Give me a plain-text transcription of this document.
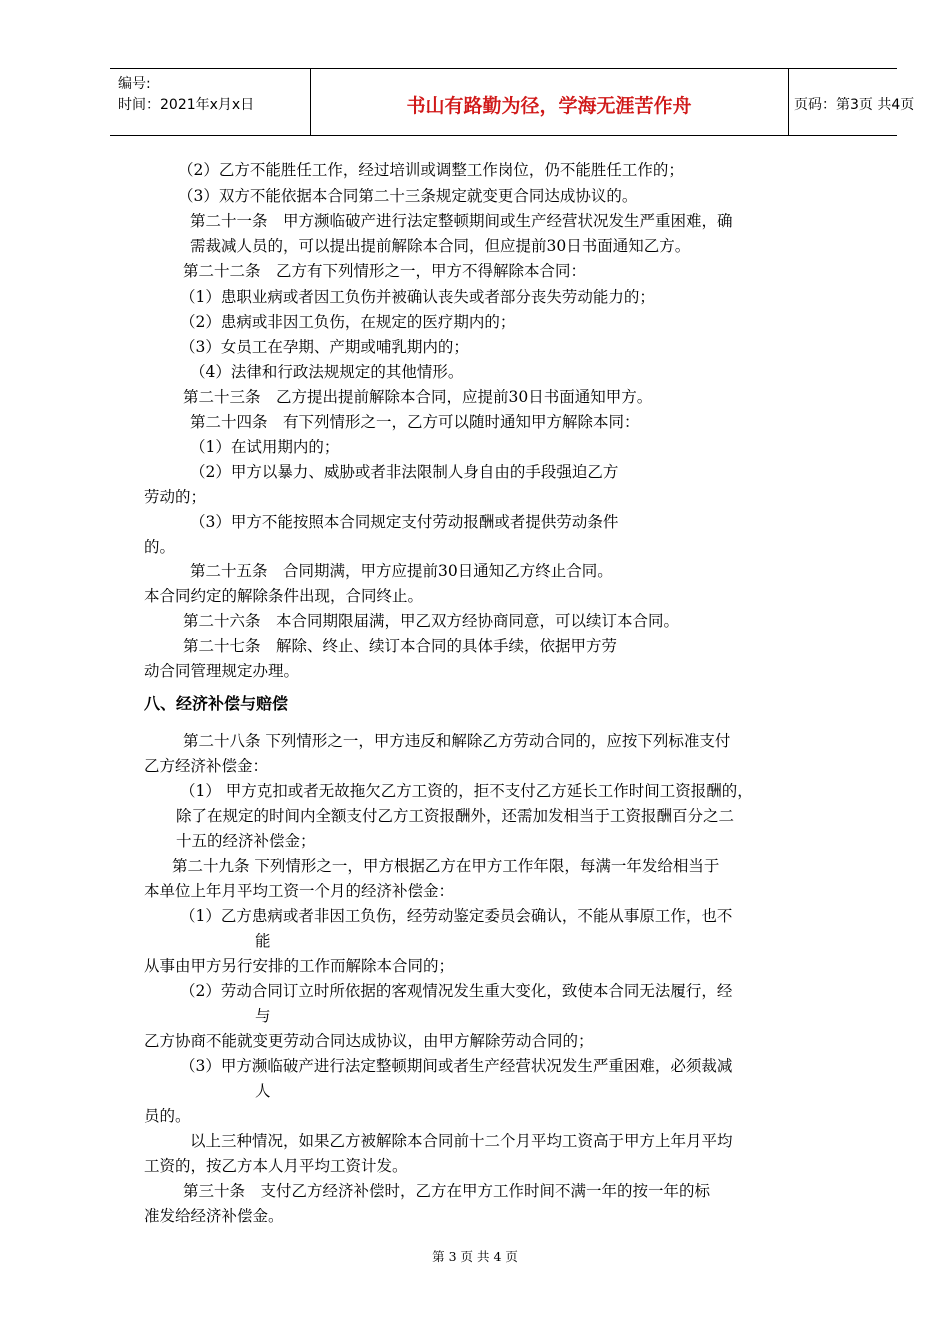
编号:
时间：2021年x月x日	书山有路勤为径，学海无涯苦作舟	页码：第3页 共4页
（2）乙方不能胜任工作，经过培训或调整工作岗位，仍不能胜任工作的；
（3）双方不能依据本合同第二十三条规定就变更合同达成协议的。
第二十一条　甲方濒临破产进行法定整顿期间或生产经营状况发生严重困难，确
需裁减人员的，可以提出提前解除本合同，但应提前30日书面通知乙方。
第二十二条　乙方有下列情形之一，甲方不得解除本合同：
（1）患职业病或者因工负伤并被确认丧失或者部分丧失劳动能力的；
（2）患病或非因工负伤，在规定的医疗期内的；
（3）女员工在孕期、产期或哺乳期内的；
（4）法律和行政法规规定的其他情形。
第二十三条　乙方提出提前解除本合同，应提前30日书面通知甲方。
第二十四条　有下列情形之一，乙方可以随时通知甲方解除本同：
（1）在试用期内的；
（2）甲方以暴力、威胁或者非法限制人身自由的手段强迫乙方
劳动的；
（3）甲方不能按照本合同规定支付劳动报酬或者提供劳动条件
的。
第二十五条　合同期满，甲方应提前30日通知乙方终止合同。
本合同约定的解除条件出现，合同终止。
第二十六条　本合同期限届满，甲乙双方经协商同意，可以续订本合同。
第二十七条　解除、终止、续订本合同的具体手续，依据甲方劳
动合同管理规定办理。
八、经济补偿与赔偿
第二十八条 下列情形之一，甲方违反和解除乙方劳动合同的，应按下列标准支付
乙方经济补偿金：
（1） 甲方克扣或者无故拖欠乙方工资的，拒不支付乙方延长工作时间工资报酬的，
除了在规定的时间内全额支付乙方工资报酬外，还需加发相当于工资报酬百分之二
十五的经济补偿金；
第二十九条 下列情形之一，甲方根据乙方在甲方工作年限，每满一年发给相当于
本单位上年月平均工资一个月的经济补偿金：
（1）乙方患病或者非因工负伤，经劳动鉴定委员会确认，不能从事原工作，也不
能
从事由甲方另行安排的工作而解除本合同的；
（2）劳动合同订立时所依据的客观情况发生重大变化，致使本合同无法履行，经
与
乙方协商不能就变更劳动合同达成协议，由甲方解除劳动合同的；
（3）甲方濒临破产进行法定整顿期间或者生产经营状况发生严重困难，必须裁减
人
员的。
以上三种情况，如果乙方被解除本合同前十二个月平均工资高于甲方上年月平均
工资的，按乙方本人月平均工资计发。
第三十条　支付乙方经济补偿时，乙方在甲方工作时间不满一年的按一年的标
准发给经济补偿金。
第 3 页 共 4 页
